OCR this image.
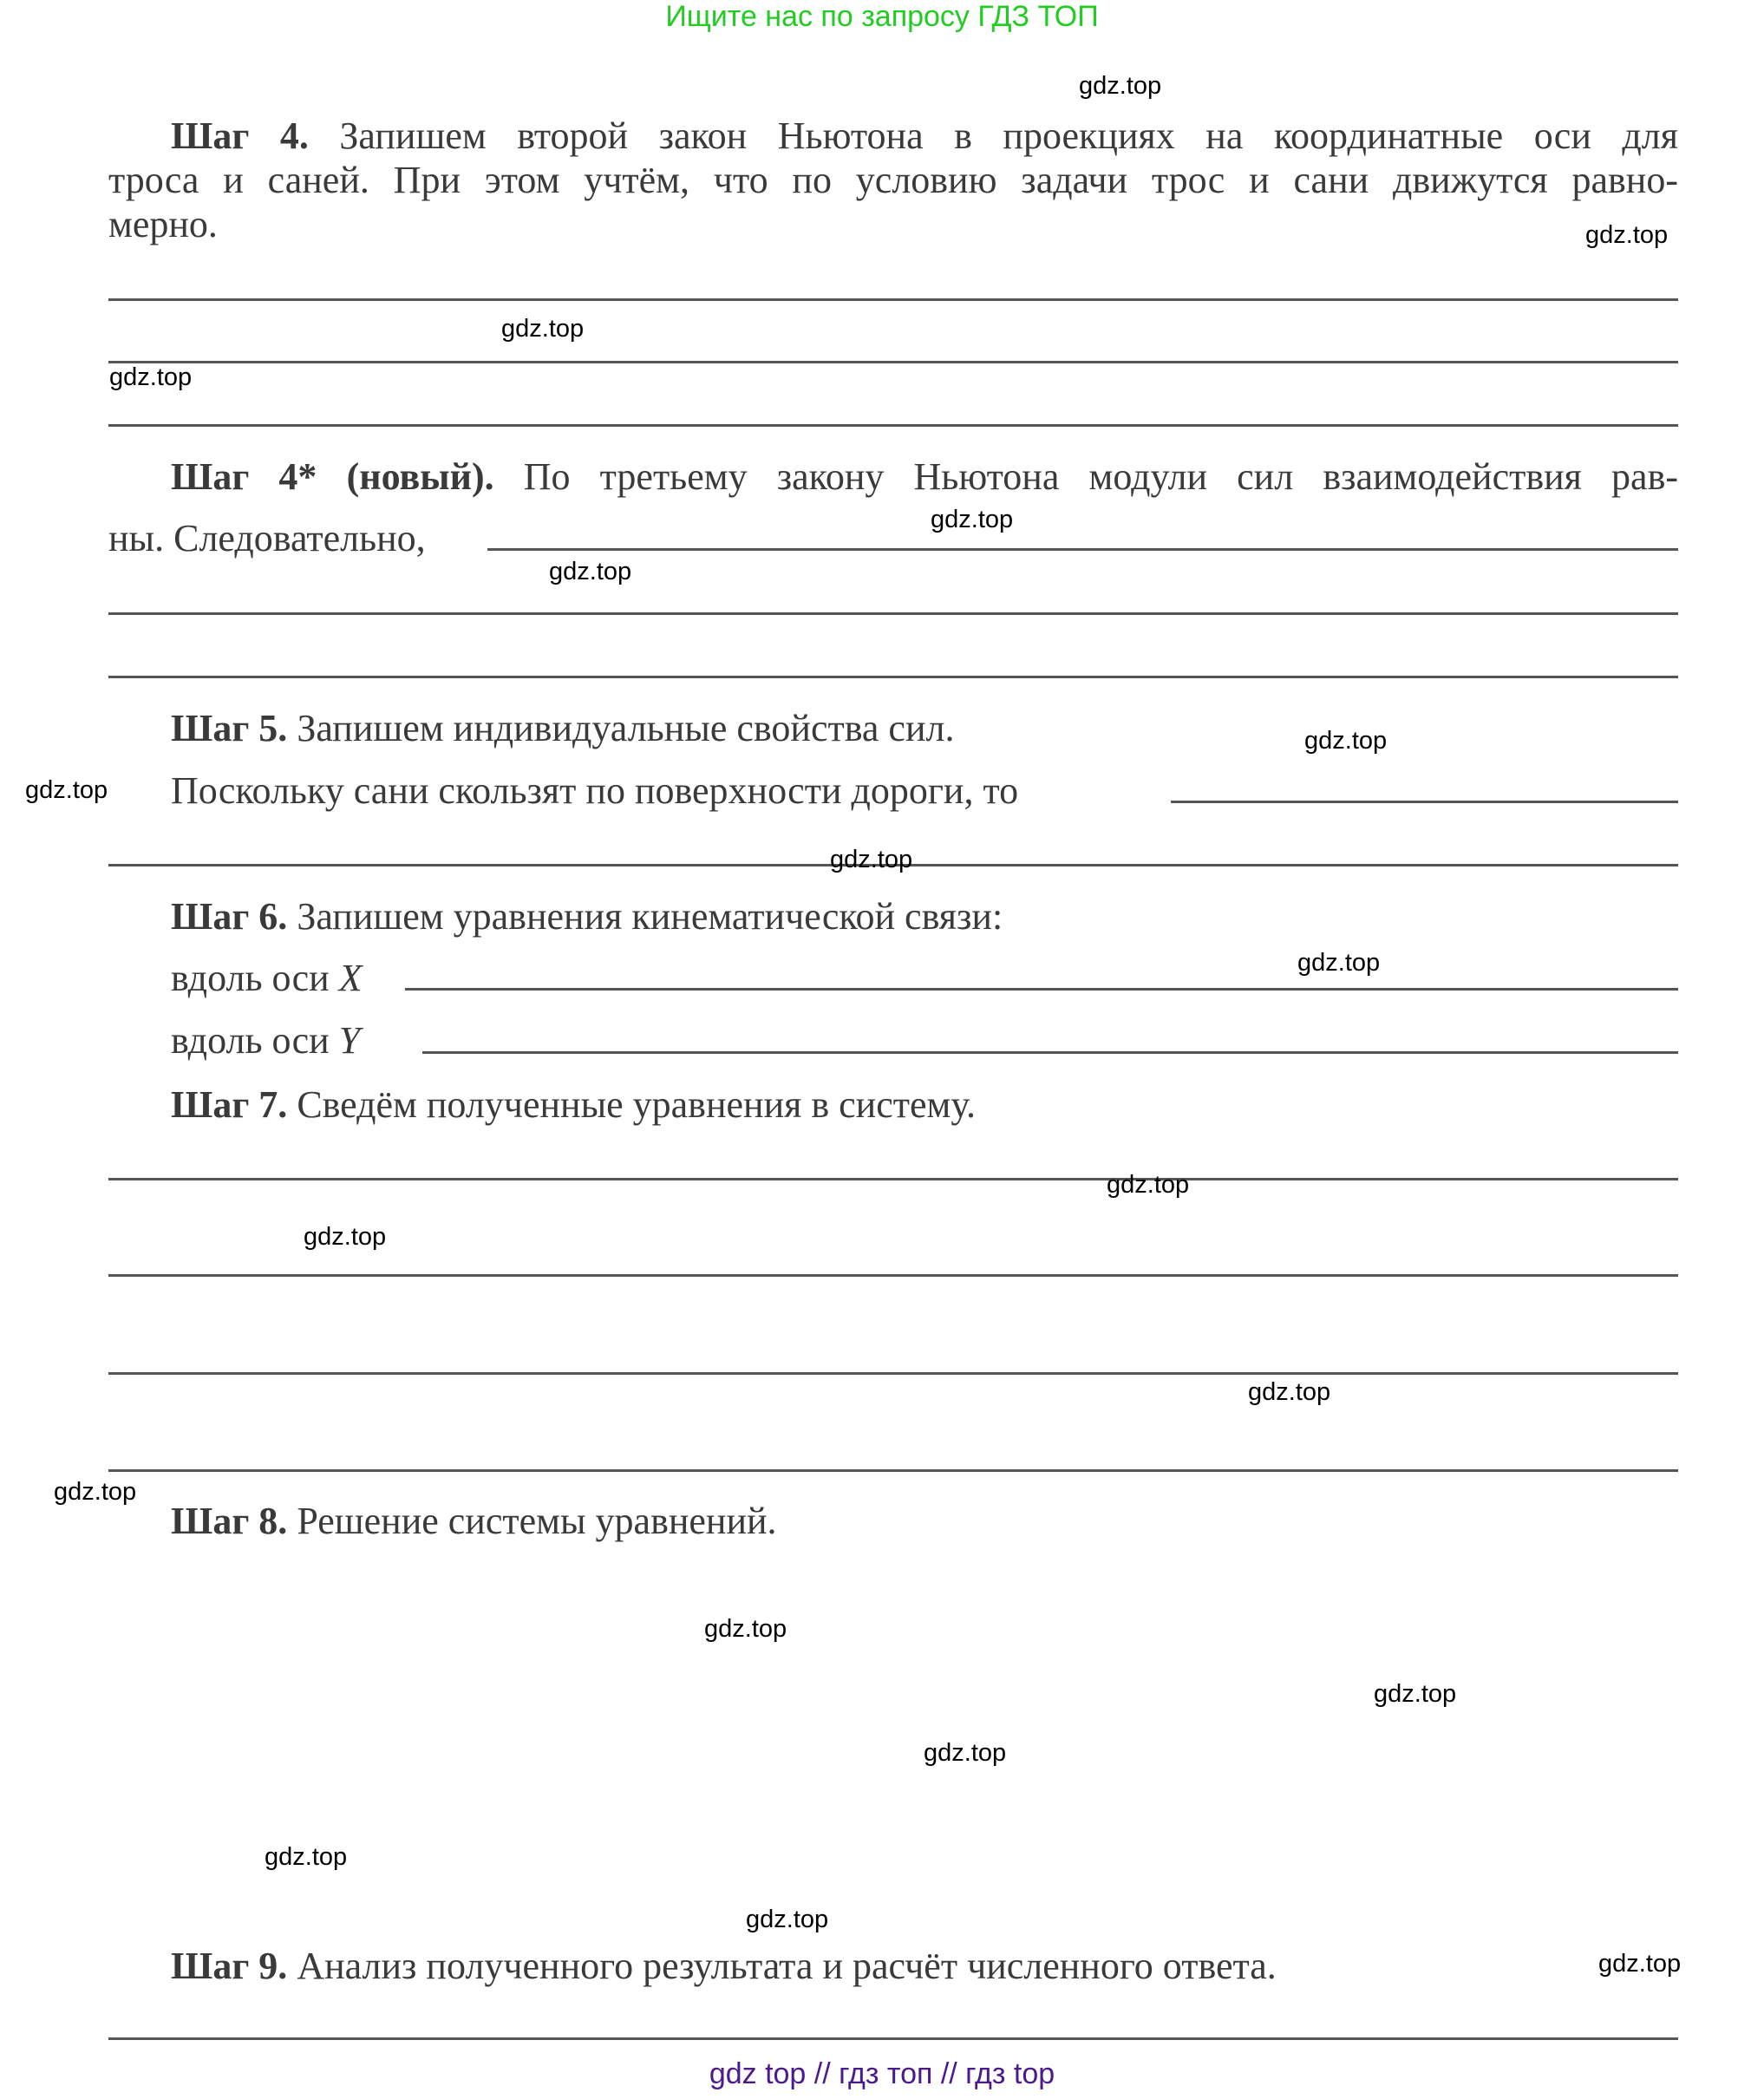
Ищите нас по запросу ГДЗ ТОП
Шаг 4. Запишем второй закон Ньютона в проекциях на координатные оси для
троса и саней. При этом учтём, что по условию задачи трос и сани движутся равно-
мерно.
Шаг 4* (новый). По третьему закону Ньютона модули сил взаимодействия рав-
ны. Следовательно,
Шаг 5. Запишем индивидуальные свойства сил.
Поскольку сани скользят по поверхности дороги, то
Шаг 6. Запишем уравнения кинематической связи:
вдоль оси X
вдоль оси Y
Шаг 7. Сведём полученные уравнения в систему.
Шаг 8. Решение системы уравнений.
Шаг 9. Анализ полученного результата и расчёт численного ответа.
gdz.top
gdz.top
gdz.top
gdz.top
gdz.top
gdz.top
gdz.top
gdz.top
gdz.top
gdz.top
gdz.top
gdz.top
gdz.top
gdz.top
gdz.top
gdz.top
gdz.top
gdz.top
gdz.top
gdz.top
gdz top // гдз топ // гдз top
